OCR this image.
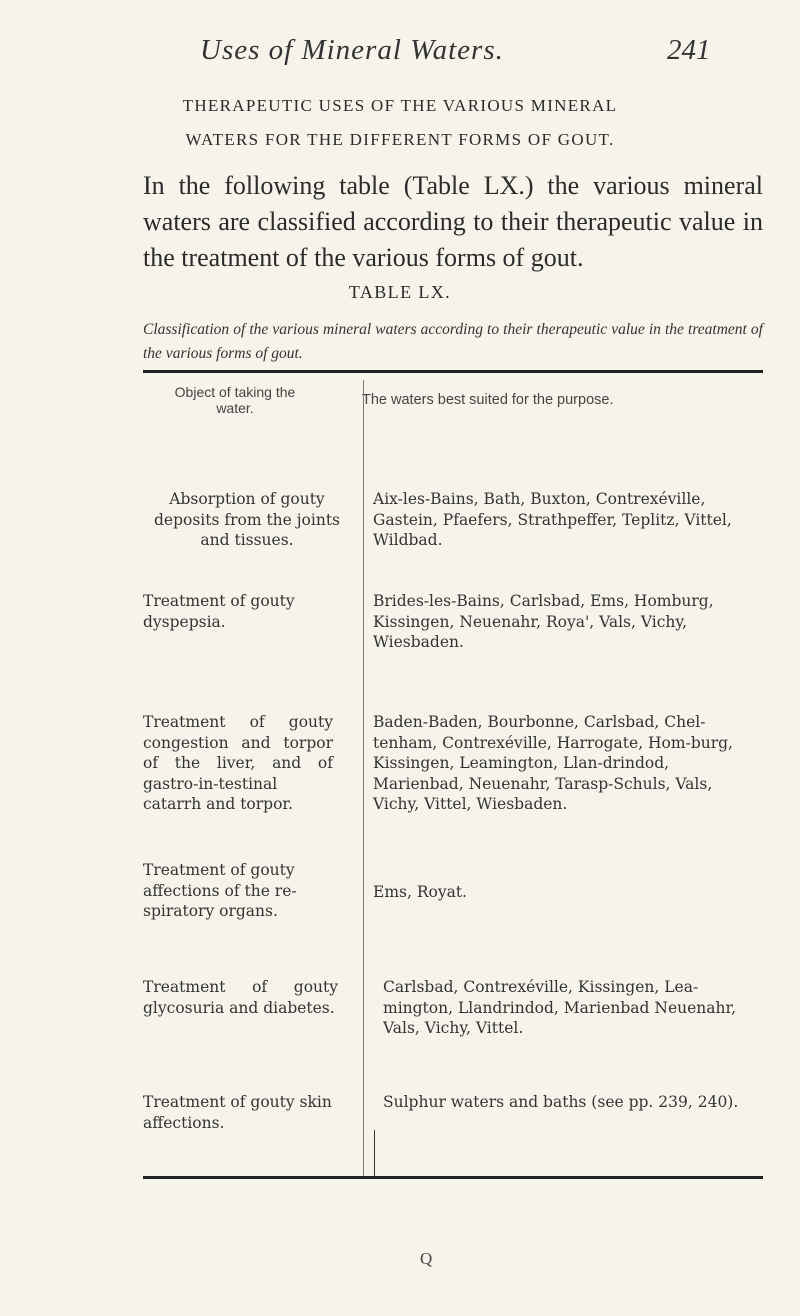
Uses of Mineral Waters.	241
THERAPEUTIC USES OF THE VARIOUS MINERAL
WATERS FOR THE DIFFERENT FORMS OF GOUT.
In the following table (Table LX.) the various mineral waters are classified according to their therapeutic value in the treatment of the various forms of gout.
TABLE LX.
Classification of the various mineral waters according to their therapeutic value in the treatment of the various forms of gout.
Object of taking the water.	The waters best suited for the purpose.
Absorption of gouty deposits from the joints and tissues.
Aix-les-Bains, Bath, Buxton, Contrexéville, Gastein, Pfaefers, Strathpeffer, Teplitz, Vittel, Wildbad.
Treatment of gouty dyspepsia.
Brides-les-Bains, Carlsbad, Ems, Homburg, Kissingen, Neuenahr, Roya', Vals, Vichy, Wiesbaden.
Treatment of gouty congestion and torpor of the liver, and of gastro-in-testinal catarrh and torpor.
Baden-Baden, Bourbonne, Carlsbad, Chel-tenham, Contrexéville, Harrogate, Hom-burg, Kissingen, Leamington, Llan-drindod, Marienbad, Neuenahr, Tarasp-Schuls, Vals, Vichy, Vittel, Wiesbaden.
Treatment of gouty affections of the re-spiratory organs.
Ems, Royat.
Treatment of gouty glycosuria and diabetes.
Carlsbad, Contrexéville, Kissingen, Lea-mington, Llandrindod, Marienbad Neuenahr, Vals, Vichy, Vittel.
Treatment of gouty skin affections.
Sulphur waters and baths (see pp. 239, 240).
Q
